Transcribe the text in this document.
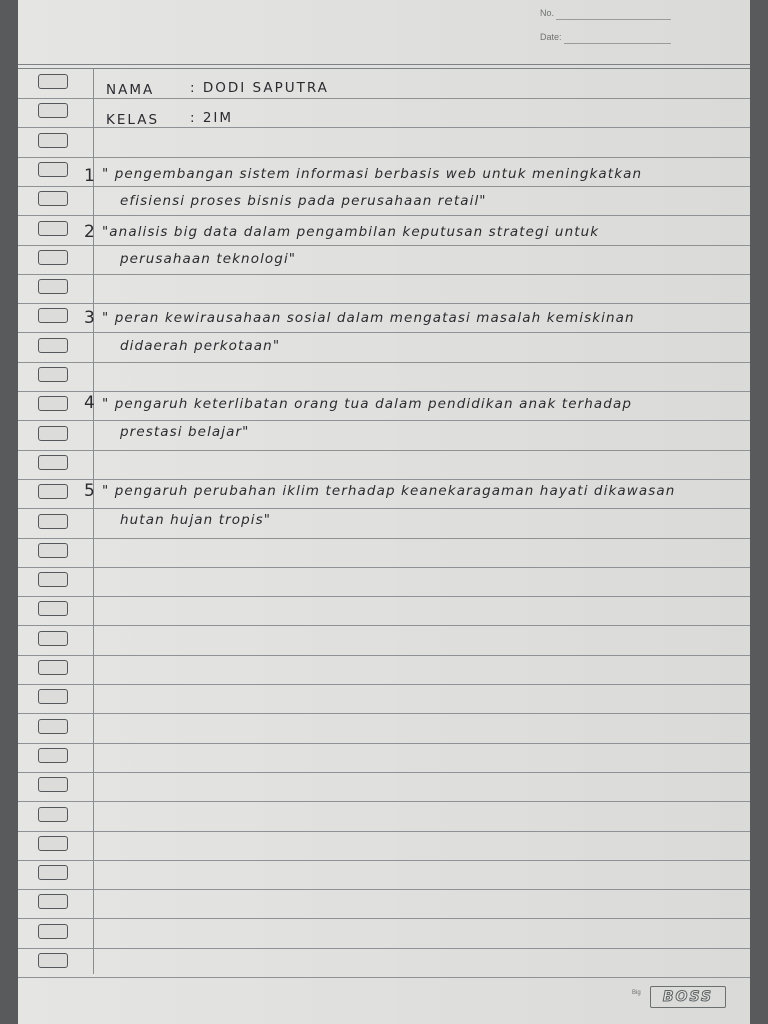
No.
Date:
NAMA	: DODI SAPUTRA
KELAS : 2IM
1 " pengembangan sistem informasi berbasis web untuk meningkatkan
efisiensi proses bisnis pada perusahaan retail"
2 "analisis big data dalam pengambilan keputusan strategi untuk
perusahaan teknologi"
3 " peran kewirausahaan sosial dalam mengatasi masalah kemiskinan
didaerah perkotaan"
4 " pengaruh keterlibatan orang tua dalam pendidikan anak terhadap
prestasi belajar"
5 " pengaruh perubahan iklim terhadap keanekaragaman hayati dikawasan
hutan hujan tropis"
Big	BOSS
